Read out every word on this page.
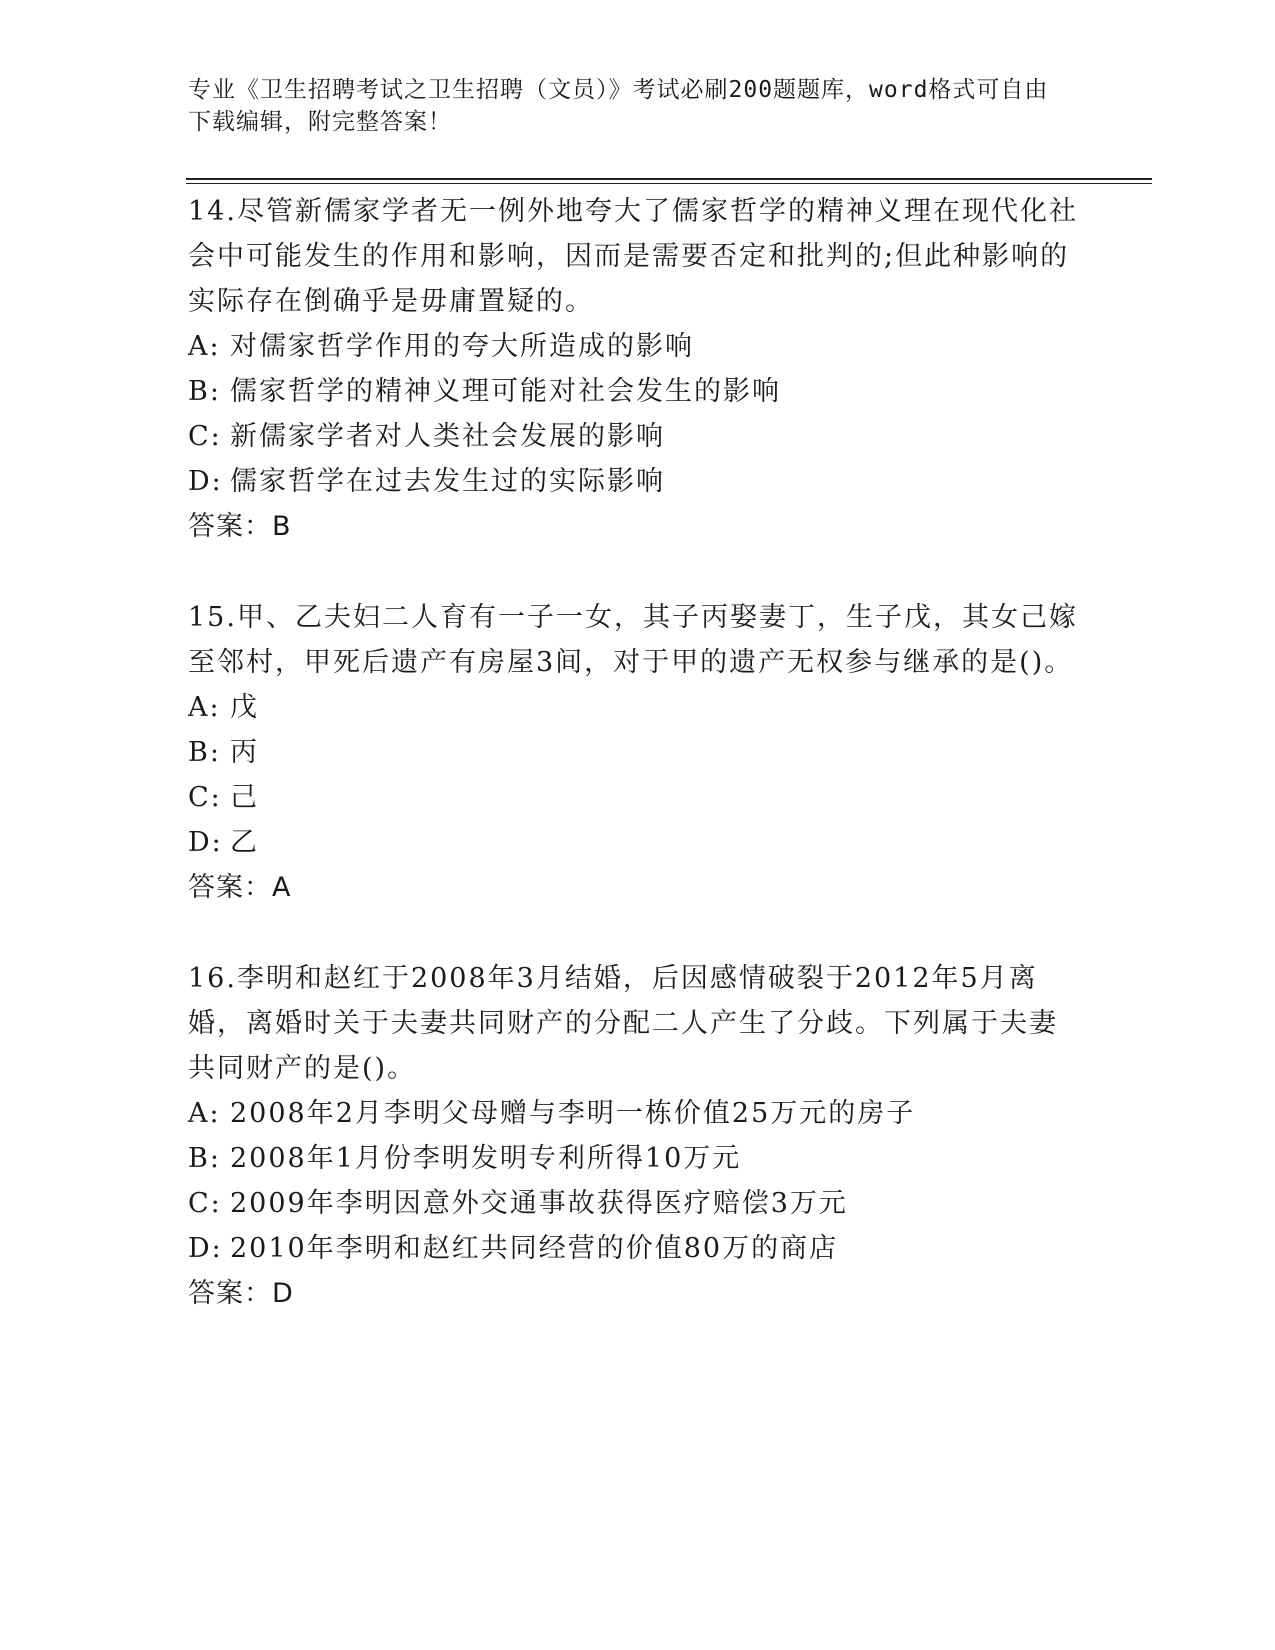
专业《卫生招聘考试之卫生招聘（文员）》考试必刷200题题库，word格式可自由下载编辑，附完整答案！

14.尽管新儒家学者无一例外地夸大了儒家哲学的精神义理在现代化社会中可能发生的作用和影响，因而是需要否定和批判的;但此种影响的实际存在倒确乎是毋庸置疑的。

A: 对儒家哲学作用的夸大所造成的影响
B: 儒家哲学的精神义理可能对社会发生的影响
C: 新儒家学者对人类社会发展的影响
D: 儒家哲学在过去发生过的实际影响
答案： B

15.甲、乙夫妇二人育有一子一女，其子丙娶妻丁，生子戊，其女己嫁至邻村，甲死后遗产有房屋3间，对于甲的遗产无权参与继承的是()。

A: 戊
B: 丙
C: 己
D: 乙
答案： A

16.李明和赵红于2008年3月结婚，后因感情破裂于2012年5月离婚，离婚时关于夫妻共同财产的分配二人产生了分歧。下列属于夫妻共同财产的是()。

A: 2008年2月李明父母赠与李明一栋价值25万元的房子
B: 2008年1月份李明发明专利所得10万元
C: 2009年李明因意外交通事故获得医疗赔偿3万元
D: 2010年李明和赵红共同经营的价值80万的商店
答案： D
